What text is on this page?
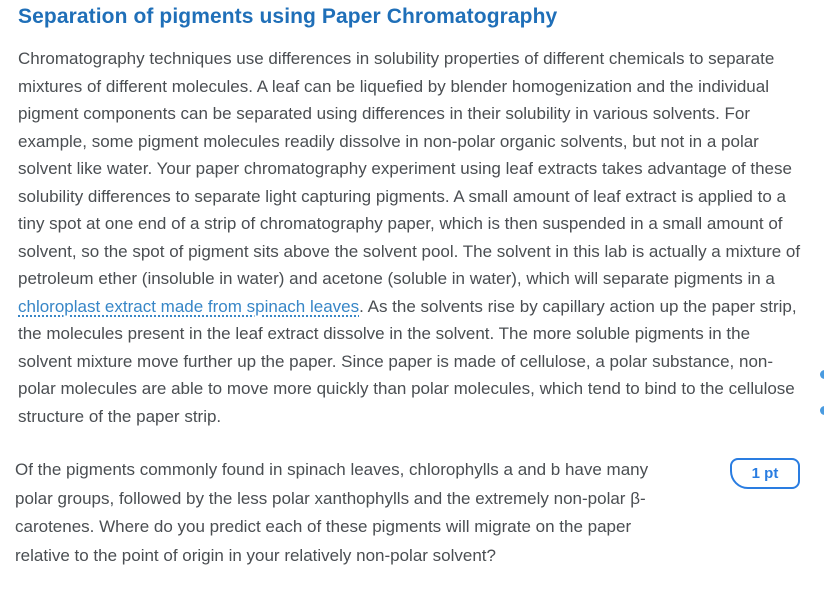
Separation of pigments using Paper Chromatography

Chromatography techniques use differences in solubility properties of different chemicals to separate mixtures of different molecules. A leaf can be liquefied by blender homogenization and the individual pigment components can be separated using differences in their solubility in various solvents. For example, some pigment molecules readily dissolve in non-polar organic solvents, but not in a polar solvent like water. Your paper chromatography experiment using leaf extracts takes advantage of these solubility differences to separate light capturing pigments. A small amount of leaf extract is applied to a tiny spot at one end of a strip of chromatography paper, which is then suspended in a small amount of solvent, so the spot of pigment sits above the solvent pool. The solvent in this lab is actually a mixture of petroleum ether (insoluble in water) and acetone (soluble in water), which will separate pigments in a chloroplast extract made from spinach leaves. As the solvents rise by capillary action up the paper strip, the molecules present in the leaf extract dissolve in the solvent. The more soluble pigments in the solvent mixture move further up the paper. Since paper is made of cellulose, a polar substance, non-polar molecules are able to move more quickly than polar molecules, which tend to bind to the cellulose structure of the paper strip.

1 pt

Of the pigments commonly found in spinach leaves, chlorophylls a and b have many polar groups, followed by the less polar xanthophylls and the extremely non-polar β-carotenes. Where do you predict each of these pigments will migrate on the paper relative to the point of origin in your relatively non-polar solvent?
